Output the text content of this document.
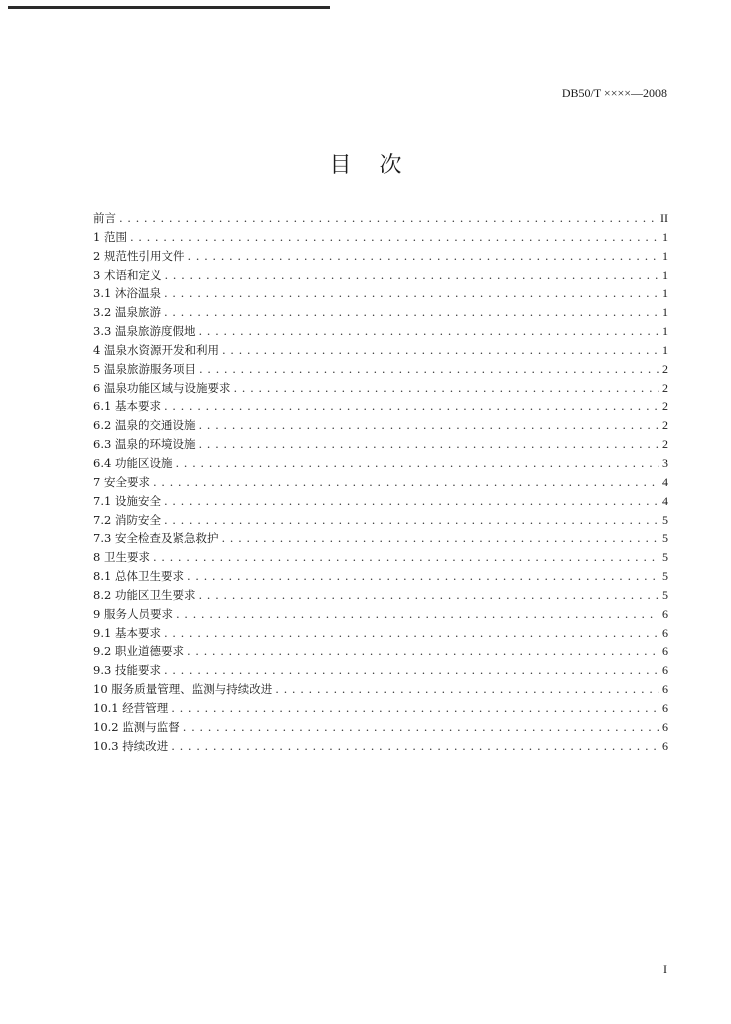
DB50/T ××××—2008
目次
前言 . . .	II
1 范围 . . .	1
2 规范性引用文件 . . .	1
3 术语和定义 . . .	1
3.1 沐浴温泉 . . .	1
3.2 温泉旅游 . . .	1
3.3 温泉旅游度假地 . . .	1
4 温泉水资源开发和利用 . . .	1
5 温泉旅游服务项目 . . .	2
6 温泉功能区域与设施要求 . . .	2
6.1 基本要求 . . .	2
6.2 温泉的交通设施 . . .	2
6.3 温泉的环境设施 . . .	2
6.4 功能区设施 . . .	3
7 安全要求 . . .	4
7.1 设施安全 . . .	4
7.2 消防安全 . . .	5
7.3 安全检查及紧急救护 . . .	5
8 卫生要求 . . .	5
8.1 总体卫生要求 . . .	5
8.2 功能区卫生要求 . . .	5
9 服务人员要求 . . .	6
9.1 基本要求 . . .	6
9.2 职业道德要求 . . .	6
9.3 技能要求 . . .	6
10 服务质量管理、监测与持续改进 . . .	6
10.1 经营管理 . . .	6
10.2 监测与监督 . . .	6
10.3 持续改进 . . .	6
I
